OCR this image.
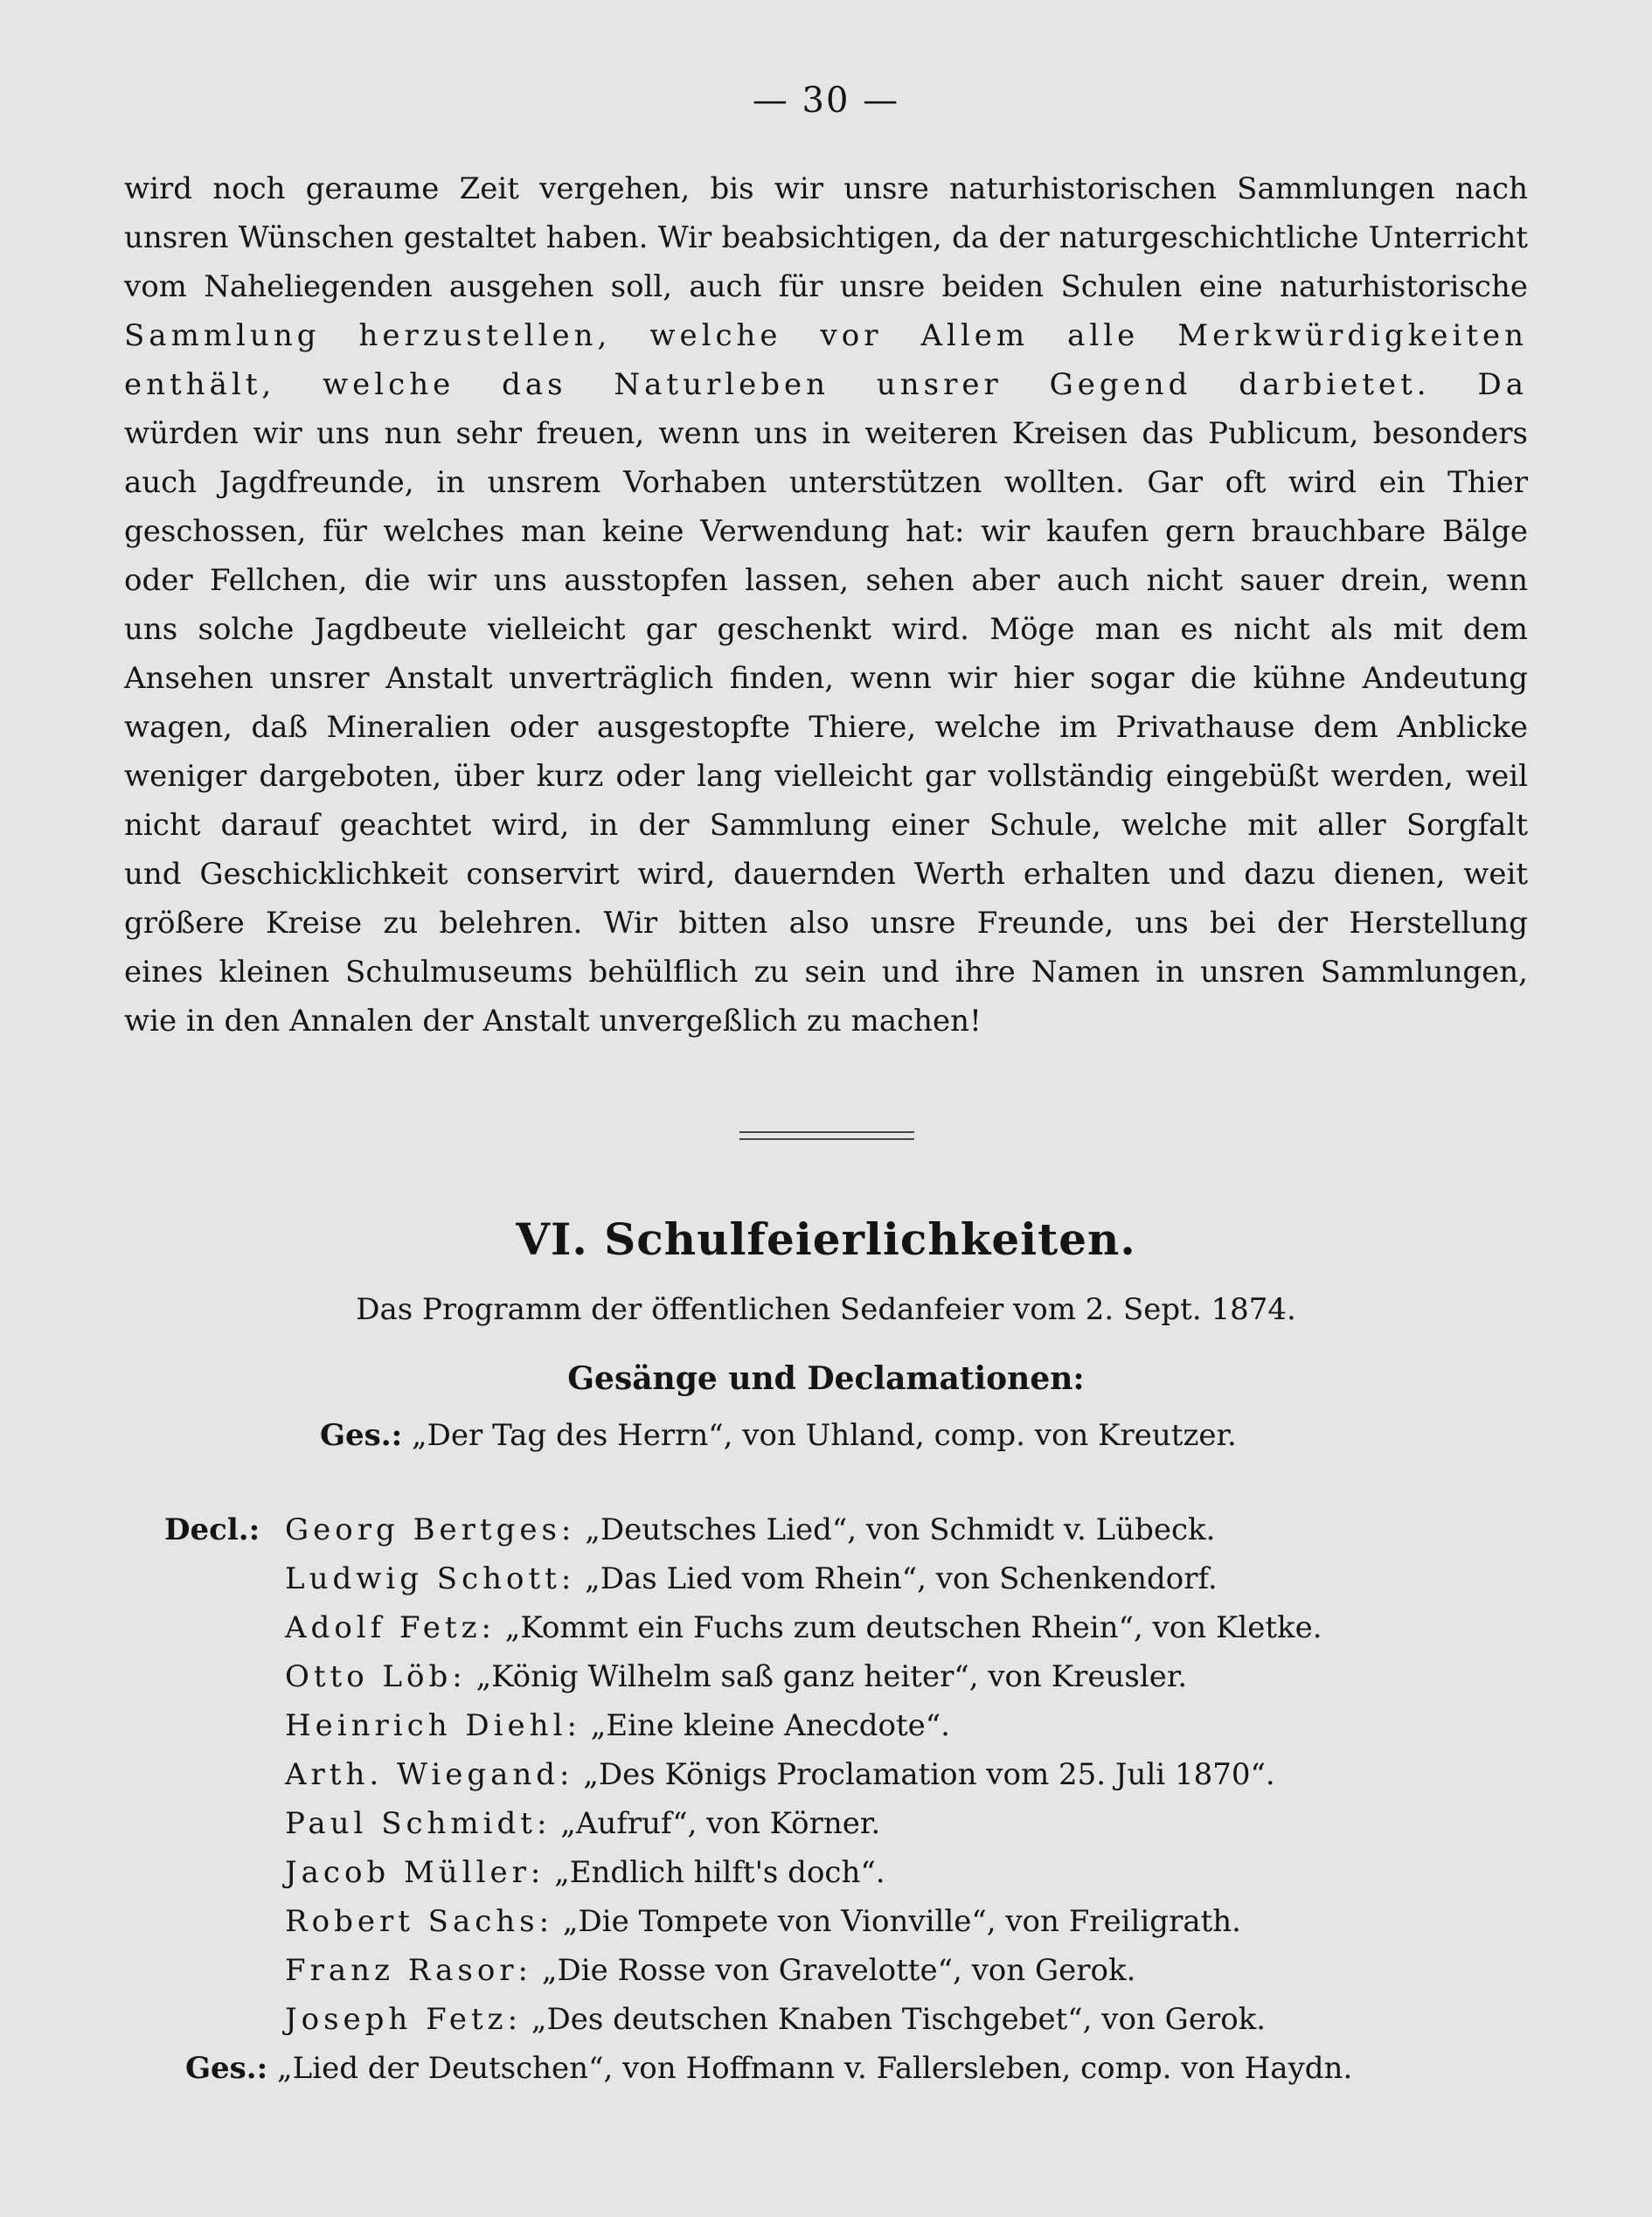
— 30 —
wird noch geraume Zeit vergehen, bis wir unsre naturhistorischen Sammlungen nach
unsren Wünschen gestaltet haben. Wir beabsichtigen, da der naturgeschichtliche Unterricht
vom Naheliegenden ausgehen soll, auch für unsre beiden Schulen eine naturhistorische
Sammlung herzustellen, welche vor Allem alle Merkwürdigkeiten
enthält, welche das Naturleben unsrer Gegend darbietet. Da
würden wir uns nun sehr freuen, wenn uns in weiteren Kreisen das Publicum, besonders
auch Jagdfreunde, in unsrem Vorhaben unterstützen wollten. Gar oft wird ein Thier
geschossen, für welches man keine Verwendung hat: wir kaufen gern brauchbare Bälge
oder Fellchen, die wir uns ausstopfen lassen, sehen aber auch nicht sauer drein, wenn
uns solche Jagdbeute vielleicht gar geschenkt wird. Möge man es nicht als mit dem
Ansehen unsrer Anstalt unverträglich finden, wenn wir hier sogar die kühne Andeutung
wagen, daß Mineralien oder ausgestopfte Thiere, welche im Privathause dem Anblicke
weniger dargeboten, über kurz oder lang vielleicht gar vollständig eingebüßt werden, weil
nicht darauf geachtet wird, in der Sammlung einer Schule, welche mit aller Sorgfalt
und Geschicklichkeit conservirt wird, dauernden Werth erhalten und dazu dienen, weit
größere Kreise zu belehren. Wir bitten also unsre Freunde, uns bei der Herstellung
eines kleinen Schulmuseums behülflich zu sein und ihre Namen in unsren Sammlungen,
wie in den Annalen der Anstalt unvergeßlich zu machen!
VI. Schulfeierlichkeiten.
Das Programm der öffentlichen Sedanfeier vom 2. Sept. 1874.
Gesänge und Declamationen:
Ges.: „Der Tag des Herrn“, von Uhland, comp. von Kreutzer.
Decl.: Georg Bertges: „Deutsches Lied“, von Schmidt v. Lübeck.
Ludwig Schott: „Das Lied vom Rhein“, von Schenkendorf.
Adolf Fetz: „Kommt ein Fuchs zum deutschen Rhein“, von Kletke.
Otto Löb: „König Wilhelm saß ganz heiter“, von Kreusler.
Heinrich Diehl: „Eine kleine Anecdote“.
Arth. Wiegand: „Des Königs Proclamation vom 25. Juli 1870“.
Paul Schmidt: „Aufruf“, von Körner.
Jacob Müller: „Endlich hilft's doch“.
Robert Sachs: „Die Tompete von Vionville“, von Freiligrath.
Franz Rasor: „Die Rosse von Gravelotte“, von Gerok.
Joseph Fetz: „Des deutschen Knaben Tischgebet“, von Gerok.
Ges.: „Lied der Deutschen“, von Hoffmann v. Fallersleben, comp. von Haydn.
